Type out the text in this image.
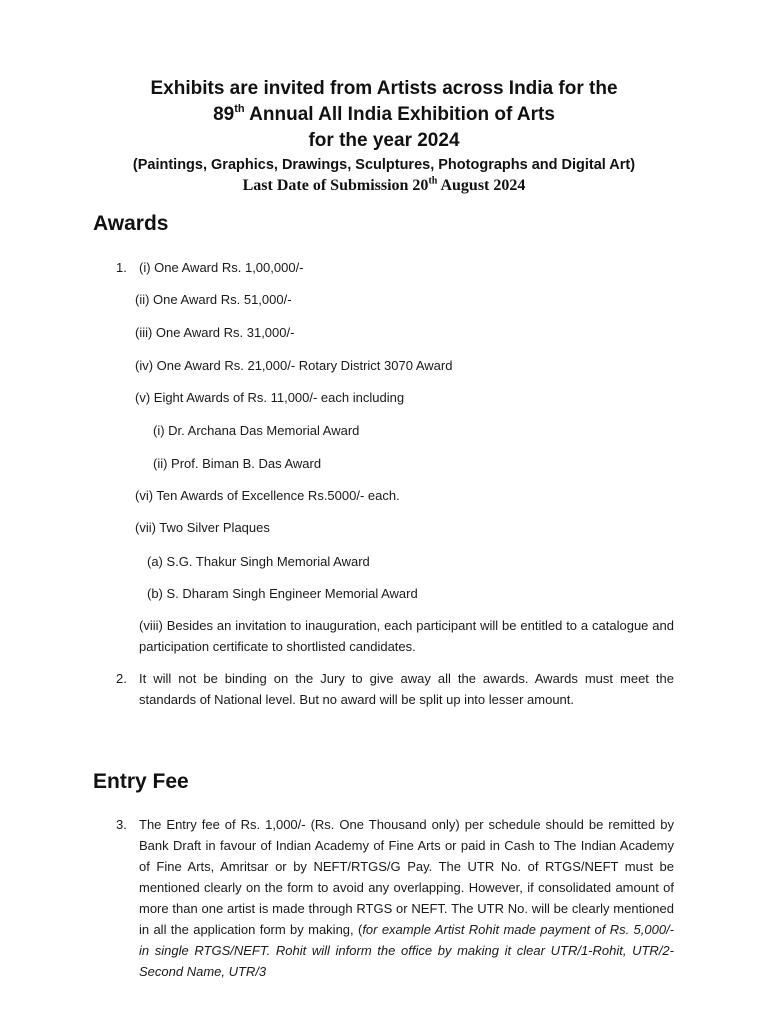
Exhibits are invited from Artists across India for the
89th Annual All India Exhibition of Arts
for the year 2024
(Paintings, Graphics, Drawings, Sculptures, Photographs and Digital Art)
Last Date of Submission 20th August 2024
Awards
1. (i) One Award Rs. 1,00,000/-
(ii) One Award Rs. 51,000/-
(iii) One Award Rs. 31,000/-
(iv) One Award Rs. 21,000/- Rotary District 3070 Award
(v) Eight Awards of Rs. 11,000/- each including
(i) Dr. Archana Das Memorial Award
(ii) Prof. Biman B. Das Award
(vi) Ten Awards of Excellence Rs.5000/- each.
(vii) Two Silver Plaques
(a) S.G. Thakur Singh Memorial Award
(b) S. Dharam Singh Engineer Memorial Award
(viii) Besides an invitation to inauguration, each participant will be entitled to a catalogue and participation certificate to shortlisted candidates.
2. It will not be binding on the Jury to give away all the awards. Awards must meet the standards of National level. But no award will be split up into lesser amount.
Entry Fee
3. The Entry fee of Rs. 1,000/- (Rs. One Thousand only) per schedule should be remitted by Bank Draft in favour of Indian Academy of Fine Arts or paid in Cash to The Indian Academy of Fine Arts, Amritsar or by NEFT/RTGS/G Pay. The UTR No. of RTGS/NEFT must be mentioned clearly on the form to avoid any overlapping. However, if consolidated amount of more than one artist is made through RTGS or NEFT. The UTR No. will be clearly mentioned in all the application form by making, (for example Artist Rohit made payment of Rs. 5,000/- in single RTGS/NEFT. Rohit will inform the office by making it clear UTR/1-Rohit, UTR/2-Second Name, UTR/3
